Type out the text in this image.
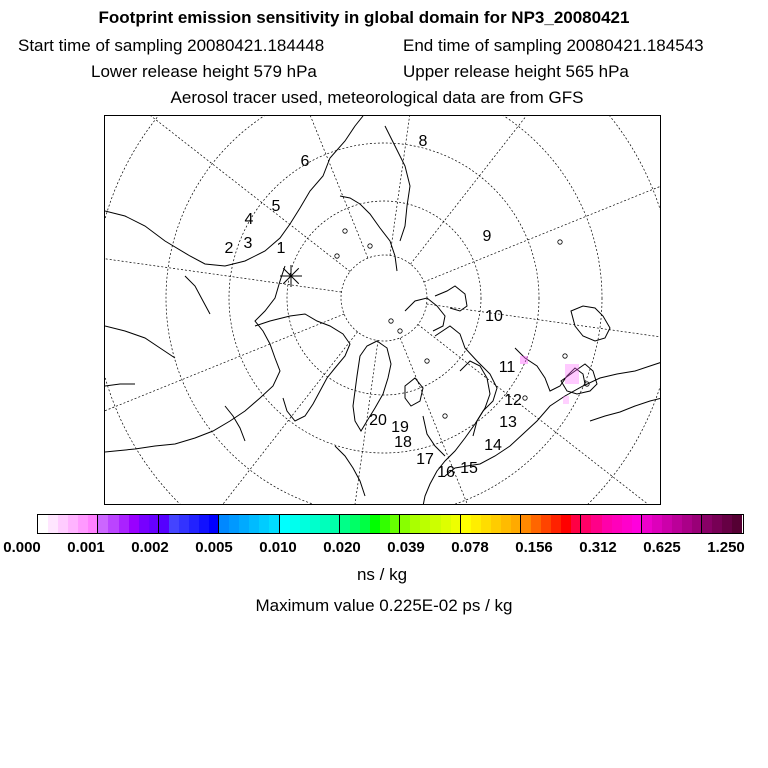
Footprint emission sensitivity in global domain for NP3_20080421
Start time of sampling 20080421.184448	End time of sampling 20080421.184543
Lower release height 579 hPa	Upper release height 565 hPa
Aerosol tracer used, meteorological data are from GFS
1
2 3
4
5
6
8
9
10
11
12
13
14
15
16
17
18
19
20
0.000 0.001 0.002 0.005 0.010 0.020 0.039 0.078 0.156 0.312 0.625 1.250
ns / kg
Maximum value 0.225E-02 ps / kg
